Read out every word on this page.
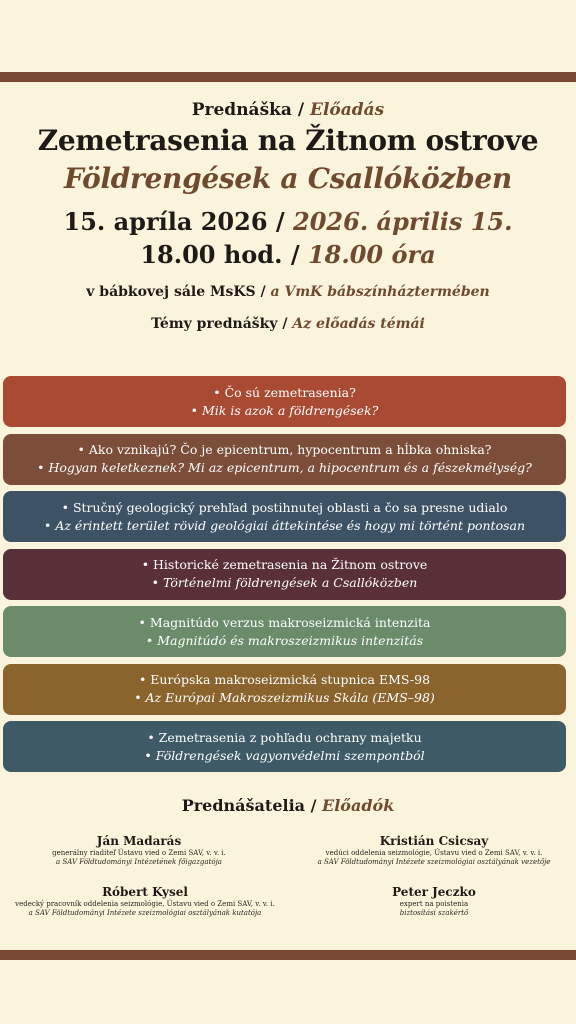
Prednáška / Előadás
Zemetrasenia na Žitnom ostrove
Földrengések a Csallóközben
15. apríla 2026 / 2026. április 15.
18.00 hod. / 18.00 óra
v bábkovej sále MsKS / a VmK bábszínháztermében
Témy prednášky / Az előadás témái
• Čo sú zemetrasenia?
• Mik is azok a földrengések?
• Ako vznikajú? Čo je epicentrum, hypocentrum a hĺbka ohniska?
• Hogyan keletkeznek? Mi az epicentrum, a hipocentrum és a fészekmélység?
• Stručný geologický prehľad postihnutej oblasti a čo sa presne udialo
• Az érintett terület rövid geológiai áttekintése és hogy mi történt pontosan
• Historické zemetrasenia na Žitnom ostrove
• Történelmi földrengések a Csallóközben
• Magnitúdo verzus makroseizmická intenzita
• Magnitúdó és makroszeizmikus intenzitás
• Európska makroseizmická stupnica EMS-98
• Az Európai Makroszeizmikus Skála (EMS–98)
• Zemetrasenia z pohľadu ochrany majetku
• Földrengések vagyonvédelmi szempontból
Prednášatelia / Előadók
Ján Madarás
generálny riaditeľ Ústavu vied o Zemi SAV, v. v. i.
a SAV Földtudományi Intézetének főigazgatója
Kristián Csicsay
vedúci oddelenia seizmológie, Ústavu vied o Zemi SAV, v. v. i.
a SAV Földtudományi Intézete szeizmológiai osztályának vezetője
Róbert Kysel
vedecký pracovník oddelenia seizmológie, Ústavu vied o Zemi SAV, v. v. i.
a SAV Földtudományi Intézete szeizmológiai osztályának kutatója
Peter Jeczko
expert na poistenia
biztosítási szakértő
